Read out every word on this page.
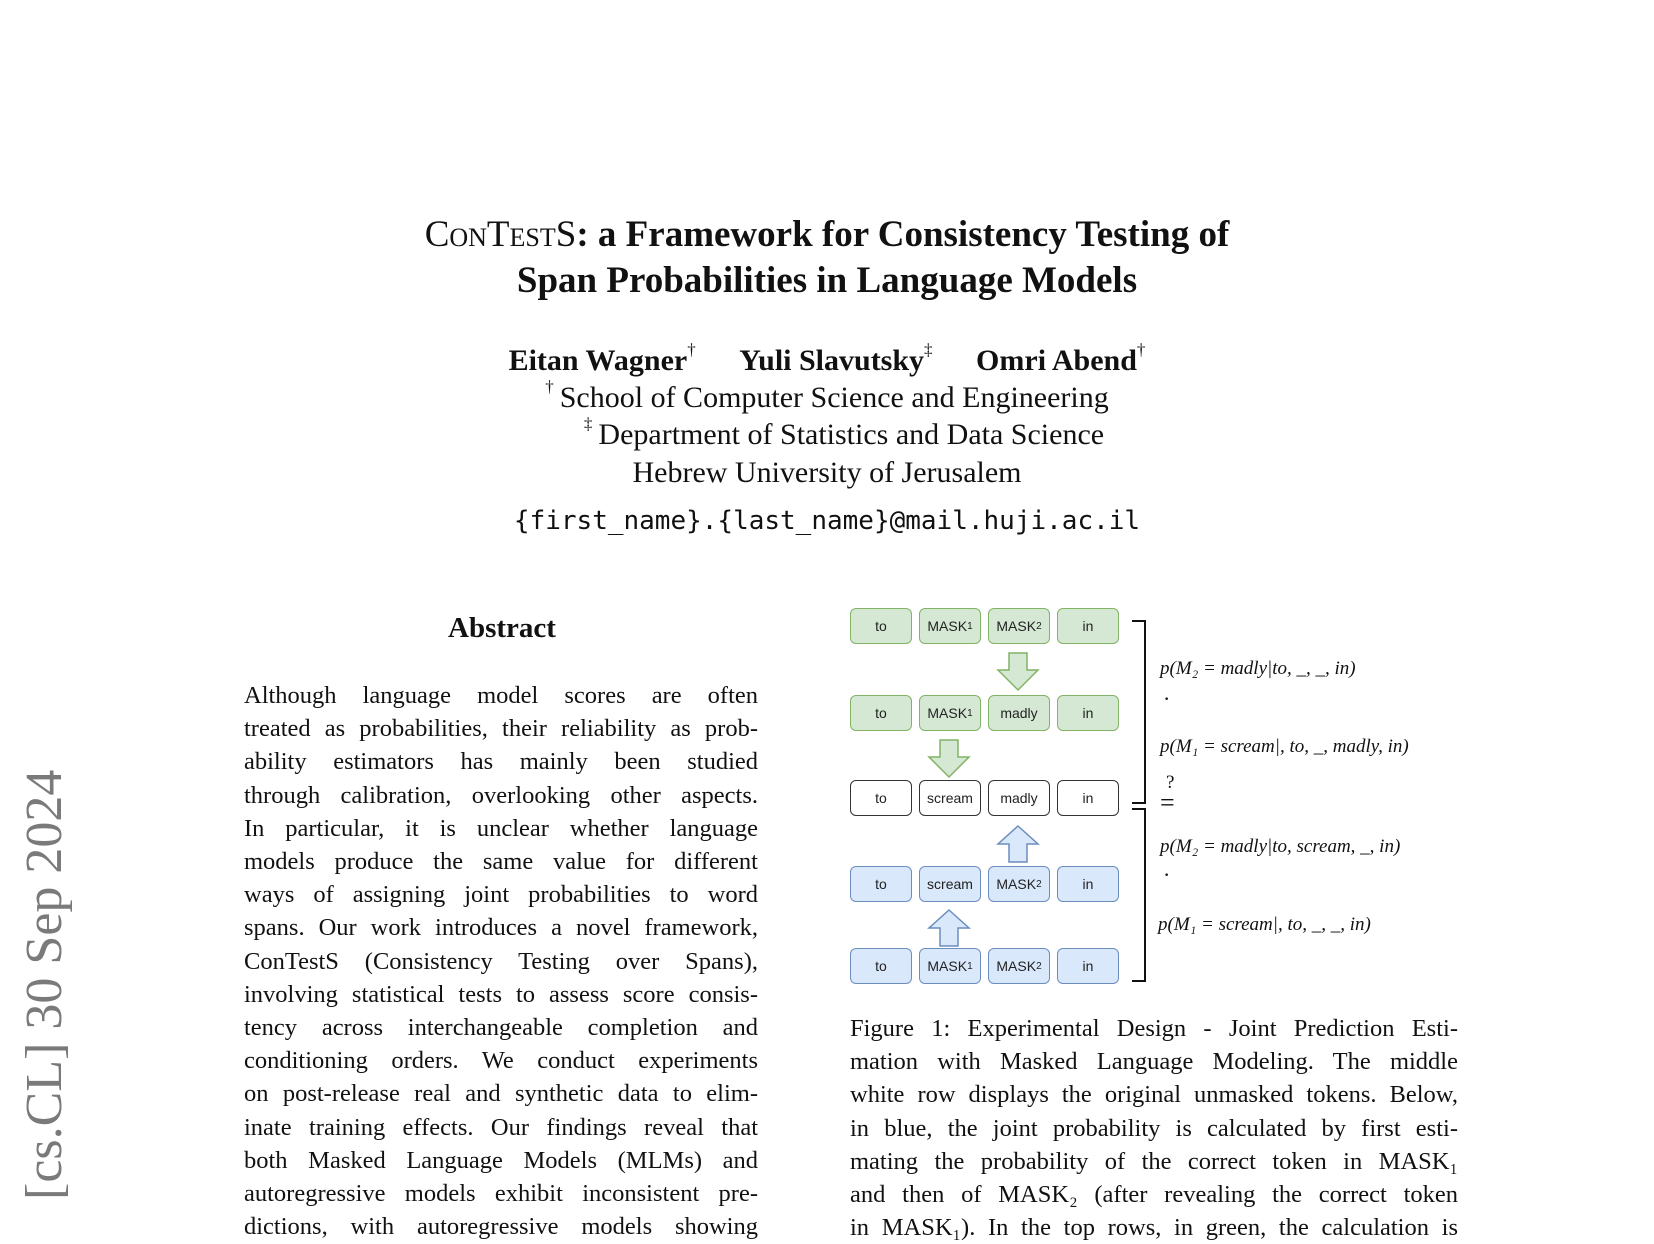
ConTestS: a Framework for Consistency Testing of
Span Probabilities in Language Models
Eitan Wagner† Yuli Slavutsky‡ Omri Abend†
† School of Computer Science and Engineering
‡ Department of Statistics and Data Science
Hebrew University of Jerusalem
{first_name}.{last_name}@mail.huji.ac.il
[cs.CL] 30 Sep 2024
Abstract
Although language model scores are often
treated as probabilities, their reliability as prob-
ability estimators has mainly been studied
through calibration, overlooking other aspects.
In particular, it is unclear whether language
models produce the same value for different
ways of assigning joint probabilities to word
spans. Our work introduces a novel framework,
ConTestS (Consistency Testing over Spans),
involving statistical tests to assess score consis-
tency across interchangeable completion and
conditioning orders. We conduct experiments
on post-release real and synthetic data to elim-
inate training effects. Our findings reveal that
both Masked Language Models (MLMs) and
autoregressive models exhibit inconsistent pre-
dictions, with autoregressive models showing
to	MASK 1 MASK 2	in
to	MASK 1 madly	in
to	scream madly	in
to	scream MASK 2	in
to	MASK 1 MASK 2	in
p(M₂ = madly|to, _, _, in)
·
p(M₁ = scream|, to, _, madly, in)
?
=
p(M₂ = madly|to, scream, _, in)
·
p(M₁ = scream|, to, _, _, in)
Figure 1: Experimental Design - Joint Prediction Esti-
mation with Masked Language Modeling. The middle
white row displays the original unmasked tokens. Below,
in blue, the joint probability is calculated by first esti-
mating the probability of the correct token in MASK₁
and then of MASK₂ (after revealing the correct token
in MASK₁). In the top rows, in green, the calculation is
